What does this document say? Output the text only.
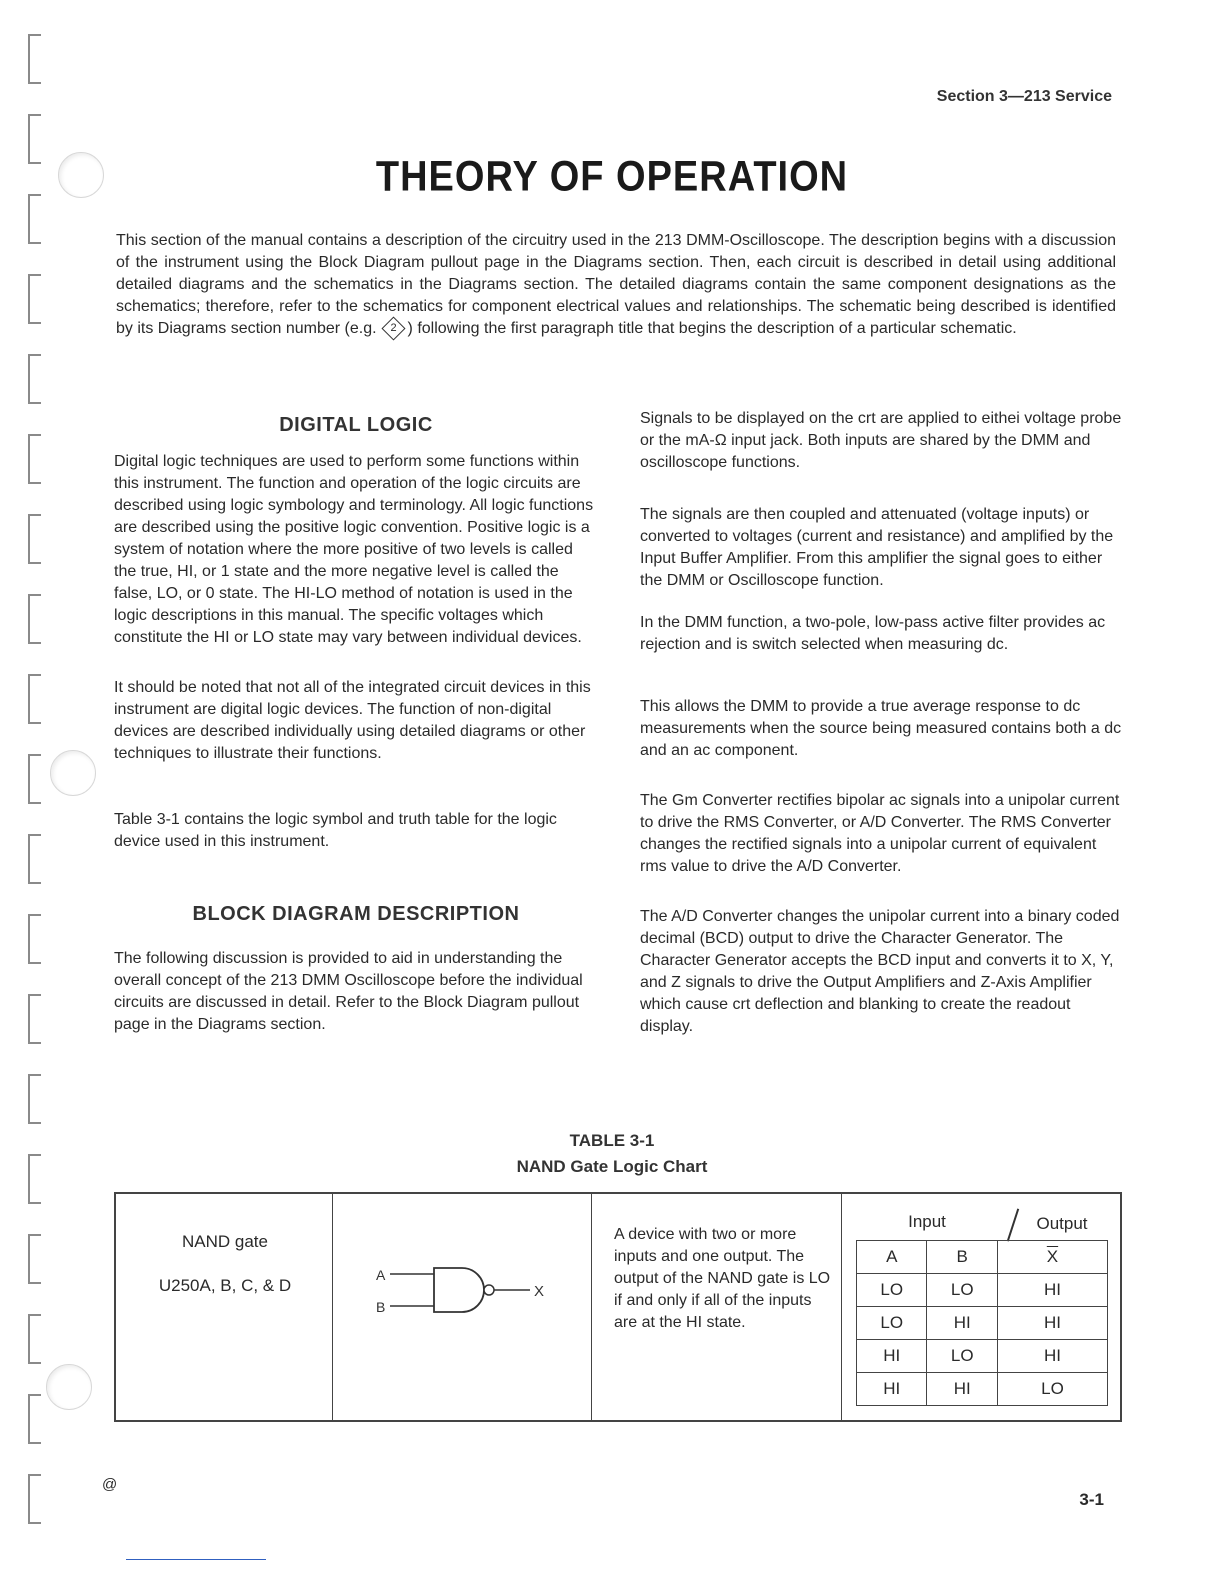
Section 3—213 Service
THEORY OF OPERATION

This section of the manual contains a description of the circuitry used in the 213 DMM-Oscilloscope. The description begins with a discussion of the instrument using the Block Diagram pullout page in the Diagrams section. Then, each circuit is described in detail using additional detailed diagrams and the schematics in the Diagrams section. The detailed diagrams contain the same component designations as the schematics; therefore, refer to the schematics for component electrical values and relationships. The schematic being described is identified by its Diagrams section number (e.g.	2 ) following the first paragraph title that begins the description of a particular schematic.

DIGITAL LOGIC

Digital logic techniques are used to perform some functions within this instrument. The function and operation of the logic circuits are described using logic symbology and terminology. All logic functions are described using the positive logic convention. Positive logic is a system of notation where the more positive of two levels is called the true, HI, or 1 state and the more negative level is called the false, LO, or 0 state. The HI-LO method of notation is used in the logic descriptions in this manual. The specific voltages which constitute the HI or LO state may vary between individual devices.

It should be noted that not all of the integrated circuit devices in this instrument are digital logic devices. The function of non-digital devices are described individually using detailed diagrams or other techniques to illustrate their functions.

Table 3-1 contains the logic symbol and truth table for the logic device used in this instrument.

BLOCK DIAGRAM DESCRIPTION

The following discussion is provided to aid in understanding the overall concept of the 213 DMM Oscilloscope before the individual circuits are discussed in detail. Refer to the Block Diagram pullout page in the Diagrams section.

Signals to be displayed on the crt are applied to eithei voltage probe or the mA-Ω input jack. Both inputs are shared by the DMM and oscilloscope functions.

The signals are then coupled and attenuated (voltage inputs) or converted to voltages (current and resistance) and amplified by the Input Buffer Amplifier. From this amplifier the signal goes to either the DMM or Oscilloscope function.

In the DMM function, a two-pole, low-pass active filter provides ac rejection and is switch selected when measuring dc.

This allows the DMM to provide a true average response to dc measurements when the source being measured contains both a dc and an ac component.

The Gm Converter rectifies bipolar ac signals into a unipolar current to drive the RMS Converter, or A/D Converter. The RMS Converter changes the rectified signals into a unipolar current of equivalent rms value to drive the A/D Converter.

The A/D Converter changes the unipolar current into a binary coded decimal (BCD) output to drive the Character Generator. The Character Generator accepts the BCD input and converts it to X, Y, and Z signals to drive the Output Amplifiers and Z-Axis Amplifier which cause crt deflection and blanking to create the readout display.

TABLE 3-1
NAND Gate Logic Chart
NAND gate
U250A, B, C, & D
A
B
X

A device with two or more inputs and one output. The output of the NAND gate is LO if and only if all of the inputs are at the HI state.

Input	Output
A	B	$\overline{X}$
LO	LO	HI
LO	HI	HI
HI	LO	HI
HI	HI	LO
@
3-1
